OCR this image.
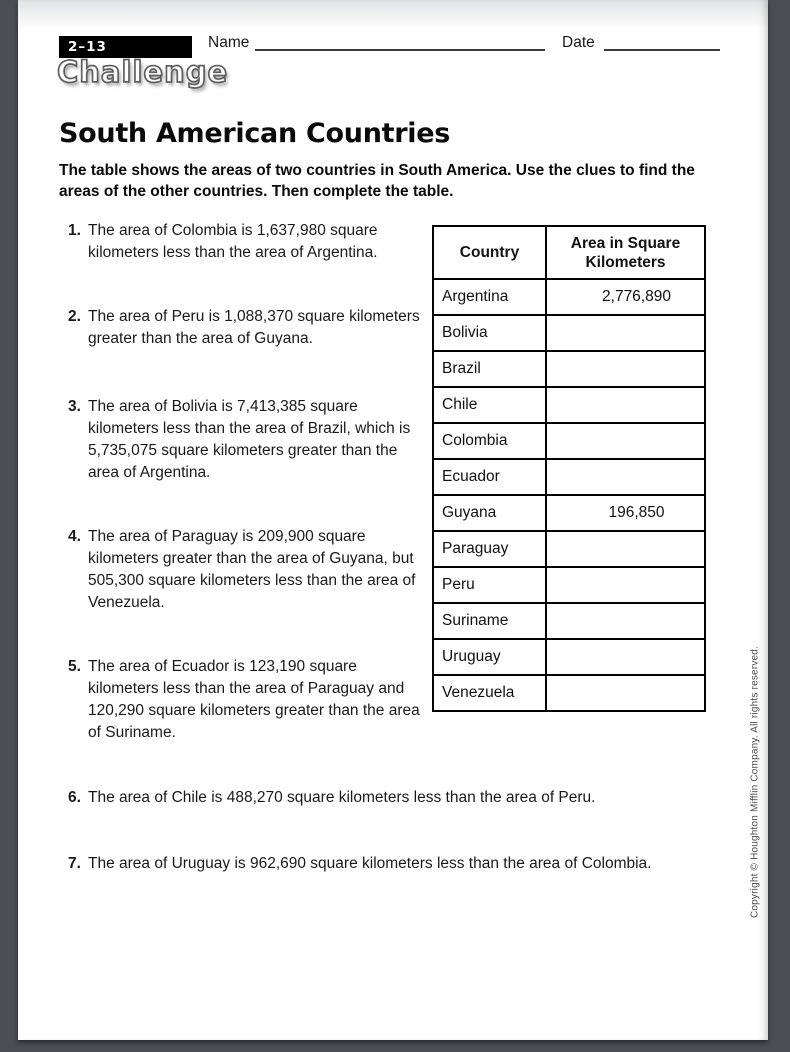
2–13
Challenge
Name	Date
South American Countries

The table shows the areas of two countries in South America. Use the clues to find the areas of the other countries. Then complete the table.

1. The area of Colombia is 1,637,980 square kilometers less than the area of Argentina.
2. The area of Peru is 1,088,370 square kilometers greater than the area of Guyana.
3. The area of Bolivia is 7,413,385 square kilometers less than the area of Brazil, which is 5,735,075 square kilometers greater than the area of Argentina.
4. The area of Paraguay is 209,900 square kilometers greater than the area of Guyana, but 505,300 square kilometers less than the area of Venezuela.
5. The area of Ecuador is 123,190 square kilometers less than the area of Paraguay and 120,290 square kilometers greater than the area of Suriname.
6. The area of Chile is 488,270 square kilometers less than the area of Peru.
7. The area of Uruguay is 962,690 square kilometers less than the area of Colombia.
Country	Area in Square Kilometers
Argentina	2,776,890
Bolivia	
Brazil	
Chile	
Colombia	
Ecuador	
Guyana	196,850
Paraguay	
Peru	
Suriname	
Uruguay	
Venezuela		Copyright © Houghton Mifflin Company. All rights reserved.
